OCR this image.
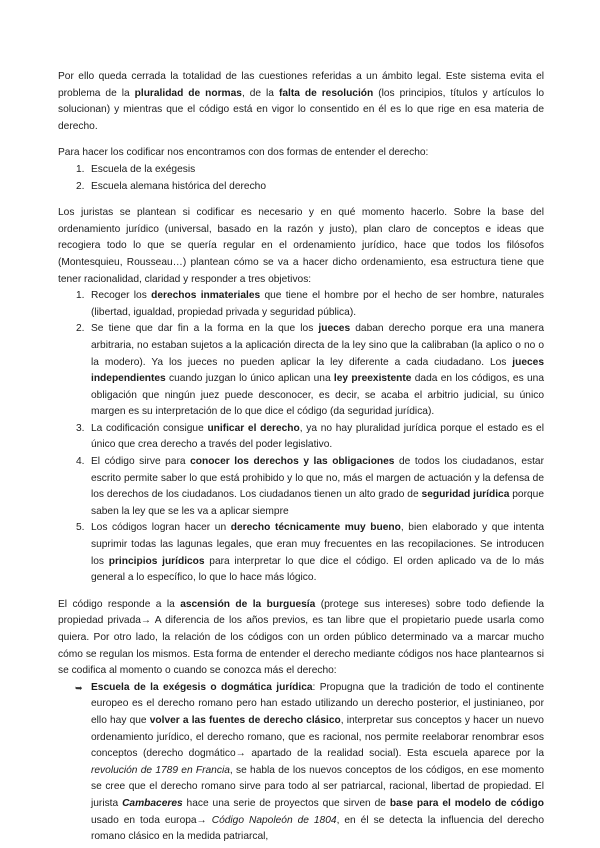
Por ello queda cerrada la totalidad de las cuestiones referidas a un ámbito legal. Este sistema evita el problema de la pluralidad de normas, de la falta de resolución (los principios, títulos y artículos lo solucionan) y mientras que el código está en vigor lo consentido en él es lo que rige en esa materia de derecho.

Para hacer los codificar nos encontramos con dos formas de entender el derecho:

1. Escuela de la exégesis
2. Escuela alemana histórica del derecho

Los juristas se plantean si codificar es necesario y en qué momento hacerlo. Sobre la base del ordenamiento jurídico (universal, basado en la razón y justo), plan claro de conceptos e ideas que recogiera todo lo que se quería regular en el ordenamiento jurídico, hace que todos los filósofos (Montesquieu, Rousseau…) plantean cómo se va a hacer dicho ordenamiento, esa estructura tiene que tener racionalidad, claridad y responder a tres objetivos:

1. Recoger los derechos inmateriales que tiene el hombre por el hecho de ser hombre, naturales (libertad, igualdad, propiedad privada y seguridad pública).
2. Se tiene que dar fin a la forma en la que los jueces daban derecho porque era una manera arbitraria, no estaban sujetos a la aplicación directa de la ley sino que la calibraban (la aplico o no o la modero). Ya los jueces no pueden aplicar la ley diferente a cada ciudadano. Los jueces independientes cuando juzgan lo único aplican una ley preexistente dada en los códigos, es una obligación que ningún juez puede desconocer, es decir, se acaba el arbitrio judicial, su único margen es su interpretación de lo que dice el código (da seguridad jurídica).
3. La codificación consigue unificar el derecho, ya no hay pluralidad jurídica porque el estado es el único que crea derecho a través del poder legislativo.
4. El código sirve para conocer los derechos y las obligaciones de todos los ciudadanos, estar escrito permite saber lo que está prohibido y lo que no, más el margen de actuación y la defensa de los derechos de los ciudadanos. Los ciudadanos tienen un alto grado de seguridad jurídica porque saben la ley que se les va a aplicar siempre
5. Los códigos logran hacer un derecho técnicamente muy bueno, bien elaborado y que intenta suprimir todas las lagunas legales, que eran muy frecuentes en las recopilaciones. Se introducen los principios jurídicos para interpretar lo que dice el código. El orden aplicado va de lo más general a lo específico, lo que lo hace más lógico.

El código responde a la ascensión de la burguesía (protege sus intereses) sobre todo defiende la propiedad privada→ A diferencia de los años previos, es tan libre que el propietario puede usarla como quiera. Por otro lado, la relación de los códigos con un orden público determinado va a marcar mucho cómo se regulan los mismos. Esta forma de entender el derecho mediante códigos nos hace plantearnos si se codifica al momento o cuando se conozca más el derecho:

➥ Escuela de la exégesis o dogmática jurídica: Propugna que la tradición de todo el continente europeo es el derecho romano pero han estado utilizando un derecho posterior, el justinianeo, por ello hay que volver a las fuentes de derecho clásico, interpretar sus conceptos y hacer un nuevo ordenamiento jurídico, el derecho romano, que es racional, nos permite reelaborar renombrar esos conceptos (derecho dogmático→ apartado de la realidad social). Esta escuela aparece por la revolución de 1789 en Francia, se habla de los nuevos conceptos de los códigos, en ese momento se cree que el derecho romano sirve para todo al ser patriarcal, racional, libertad de propiedad. El jurista Cambaceres hace una serie de proyectos que sirven de base para el modelo de código usado en toda europa→ Código Napoleón de 1804, en él se detecta la influencia del derecho romano clásico en la medida patriarcal,
